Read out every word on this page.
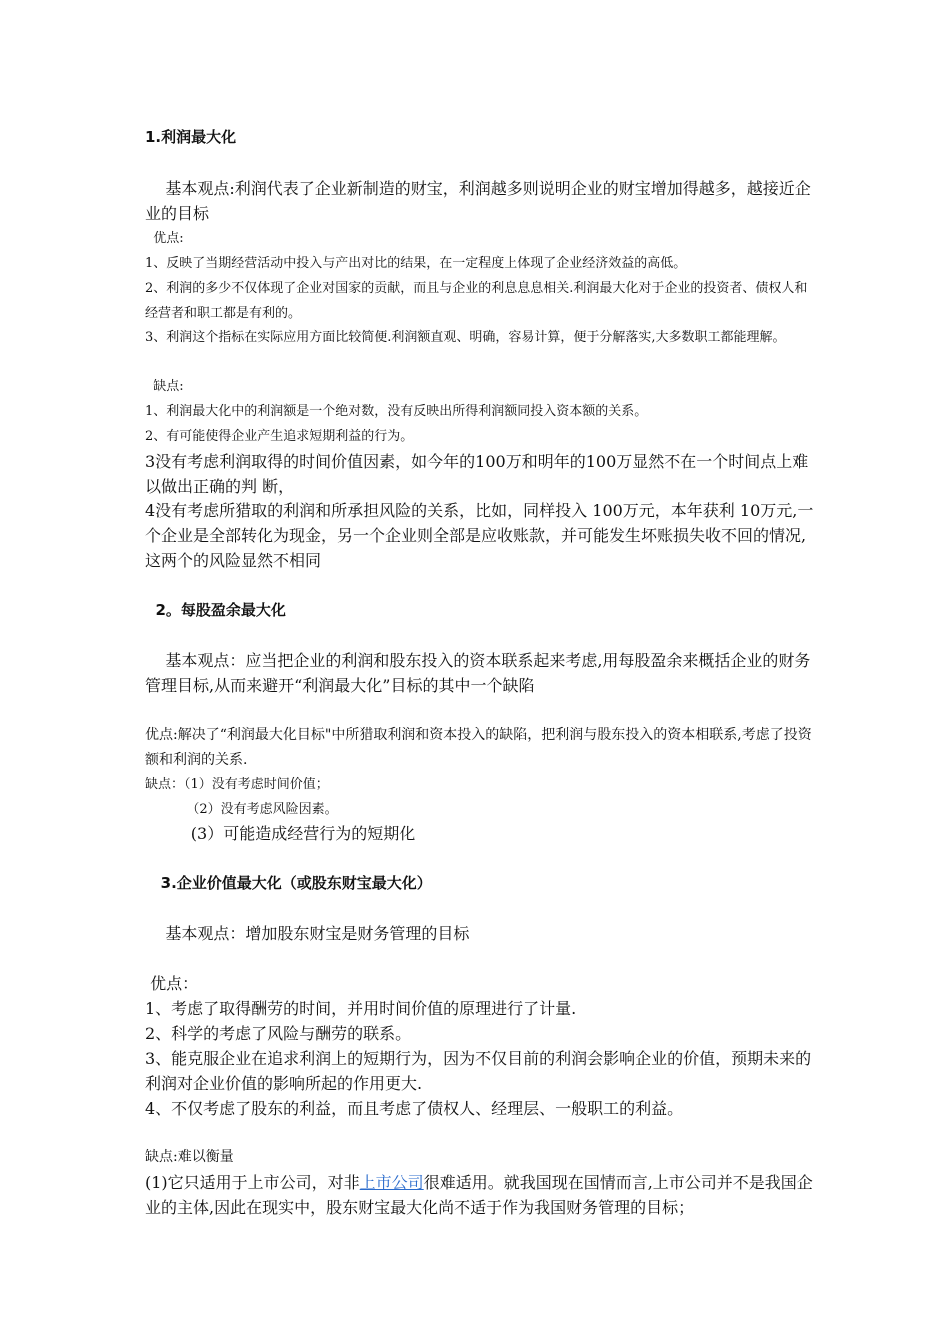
1.利润最大化
基本观点:利润代表了企业新制造的财宝，利润越多则说明企业的财宝增加得越多，越接近企业的目标
优点:
1、反映了当期经营活动中投入与产出对比的结果，在一定程度上体现了企业经济效益的高低。
2、利润的多少不仅体现了企业对国家的贡献，而且与企业的利息息息相关.利润最大化对于企业的投资者、债权人和经营者和职工都是有利的。
3、利润这个指标在实际应用方面比较简便.利润额直观、明确，容易计算，便于分解落实,大多数职工都能理解。
缺点:
1、利润最大化中的利润额是一个绝对数，没有反映出所得利润额同投入资本额的关系。
2、有可能使得企业产生追求短期利益的行为。
3没有考虑利润取得的时间价值因素，如今年的100万和明年的100万显然不在一个时间点上难以做出正确的判 断，
4没有考虑所猎取的利润和所承担风险的关系，比如，同样投入 100万元，本年获利 10万元,一个企业是全部转化为现金，另一个企业则全部是应收账款，并可能发生坏账损失收不回的情况,这两个的风险显然不相同
2。每股盈余最大化
基本观点：应当把企业的利润和股东投入的资本联系起来考虑,用每股盈余来概括企业的财务管理目标,从而来避开“利润最大化”目标的其中一个缺陷
优点:解决了“利润最大化目标"中所猎取利润和资本投入的缺陷，把利润与股东投入的资本相联系,考虑了投资额和利润的关系.
缺点：（1）没有考虑时间价值；
（2）没有考虑风险因素。
(3）可能造成经营行为的短期化
3.企业价值最大化（或股东财宝最大化）
基本观点：增加股东财宝是财务管理的目标
优点：
1、考虑了取得酬劳的时间，并用时间价值的原理进行了计量.
2、科学的考虑了风险与酬劳的联系。
3、能克服企业在追求利润上的短期行为，因为不仅目前的利润会影响企业的价值，预期未来的利润对企业价值的影响所起的作用更大.
4、不仅考虑了股东的利益，而且考虑了债权人、经理层、一般职工的利益。
缺点:难以衡量
(1)它只适用于上市公司，对非上市公司很难适用。就我国现在国情而言,上市公司并不是我国企业的主体,因此在现实中，股东财宝最大化尚不适于作为我国财务管理的目标；
